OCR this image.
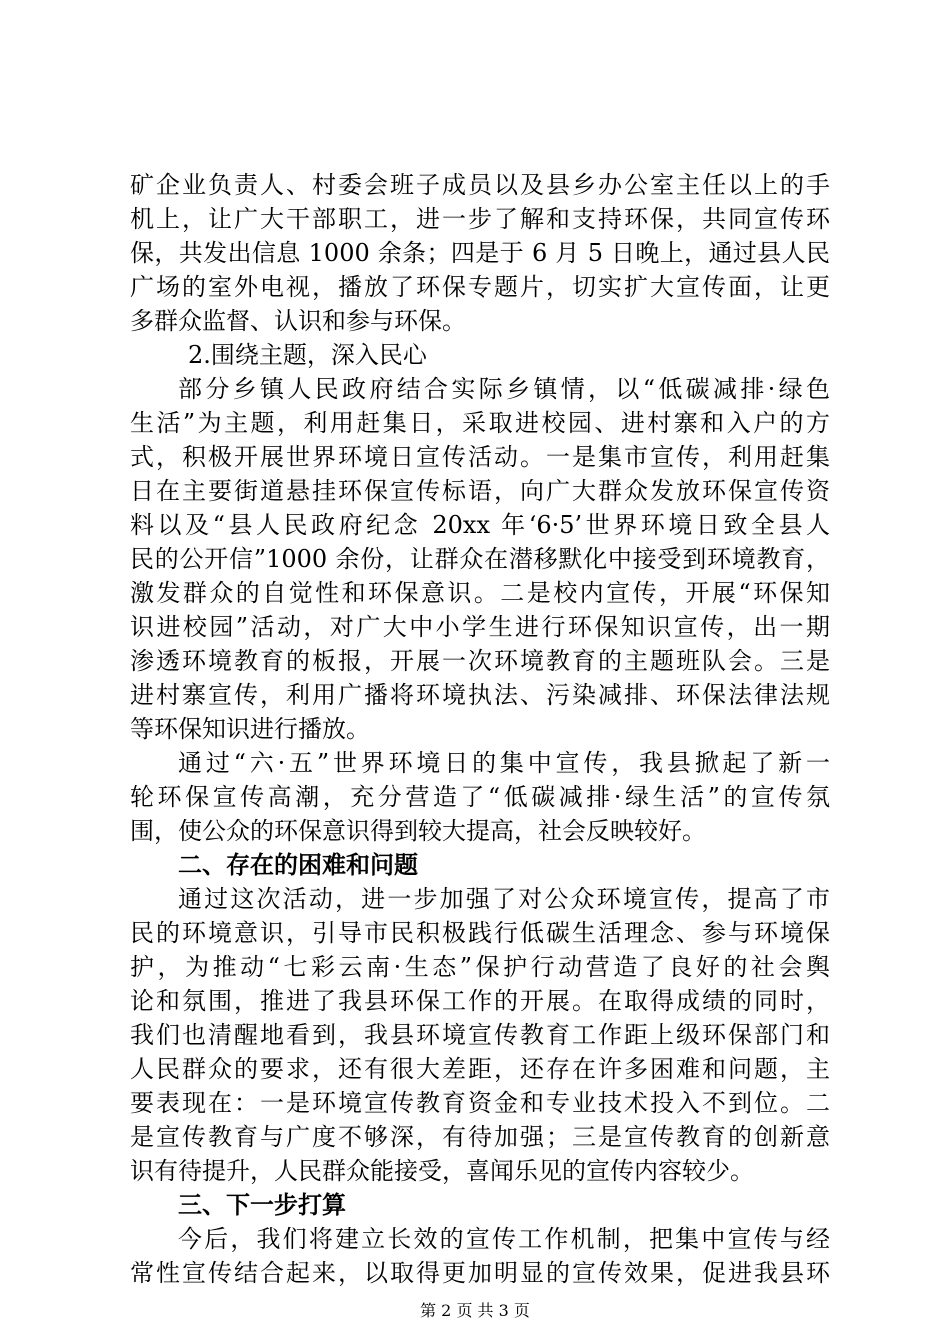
矿企业负责人、村委会班子成员以及县乡办公室主任以上的手
机上，让广大干部职工，进一步了解和支持环保，共同宣传环
保，共发出信息 1000 余条；四是于 6 月 5 日晚上，通过县人民
广场的室外电视，播放了环保专题片，切实扩大宣传面，让更
多群众监督、认识和参与环保。
2.围绕主题，深入民心
部分乡镇人民政府结合实际乡镇情，以“低碳减排·绿色
生活”为主题，利用赶集日，采取进校园、进村寨和入户的方
式，积极开展世界环境日宣传活动。一是集市宣传，利用赶集
日在主要街道悬挂环保宣传标语，向广大群众发放环保宣传资
料以及“县人民政府纪念 20xx 年‘6·5’世界环境日致全县人
民的公开信”1000 余份，让群众在潜移默化中接受到环境教育，
激发群众的自觉性和环保意识。二是校内宣传，开展“环保知
识进校园”活动，对广大中小学生进行环保知识宣传，出一期
渗透环境教育的板报，开展一次环境教育的主题班队会。三是
进村寨宣传，利用广播将环境执法、污染减排、环保法律法规
等环保知识进行播放。
通过“六·五”世界环境日的集中宣传，我县掀起了新一
轮环保宣传高潮，充分营造了“低碳减排·绿生活”的宣传氛
围，使公众的环保意识得到较大提高，社会反映较好。
二、存在的困难和问题
通过这次活动，进一步加强了对公众环境宣传，提高了市
民的环境意识，引导市民积极践行低碳生活理念、参与环境保
护，为推动“七彩云南·生态”保护行动营造了良好的社会舆
论和氛围，推进了我县环保工作的开展。在取得成绩的同时，
我们也清醒地看到，我县环境宣传教育工作距上级环保部门和
人民群众的要求，还有很大差距，还存在许多困难和问题，主
要表现在：一是环境宣传教育资金和专业技术投入不到位。二
是宣传教育与广度不够深，有待加强；三是宣传教育的创新意
识有待提升，人民群众能接受，喜闻乐见的宣传内容较少。
三、下一步打算
今后，我们将建立长效的宣传工作机制，把集中宣传与经
常性宣传结合起来，以取得更加明显的宣传效果，促进我县环
第 2 页 共 3 页
